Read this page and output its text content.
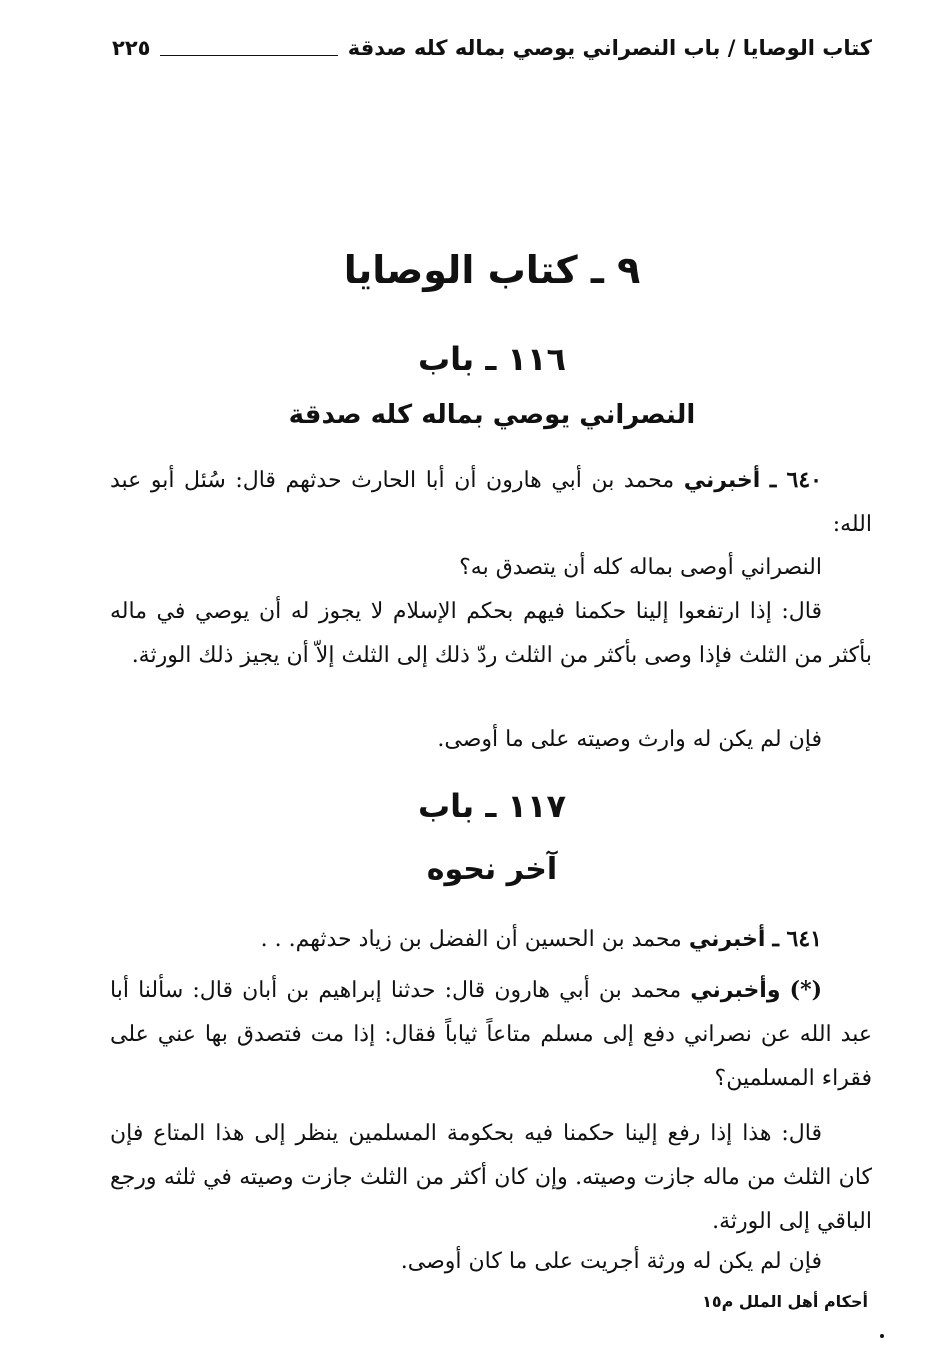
كتاب الوصايا / باب النصراني يوصي بماله كله صدقة
٢٢٥
٩ ـ كتاب الوصايا
١١٦ ـ باب
النصراني يوصي بماله كله صدقة
٦٤٠ ـ أخبرني محمد بن أبي هارون أن أبا الحارث حدثهم قال: سُئل أبو عبد الله:
النصراني أوصى بماله كله أن يتصدق به؟
قال: إذا ارتفعوا إلينا حكمنا فيهم بحكم الإسلام لا يجوز له أن يوصي في ماله بأكثر من الثلث فإذا وصى بأكثر من الثلث ردّ ذلك إلى الثلث إلاّ أن يجيز ذلك الورثة.
فإن لم يكن له وارث وصيته على ما أوصى.
١١٧ ـ باب
آخر نحوه
٦٤١ ـ أخبرني محمد بن الحسين أن الفضل بن زياد حدثهم. . .
(*) وأخبرني محمد بن أبي هارون قال: حدثنا إبراهيم بن أبان قال: سألنا أبا عبد الله عن نصراني دفع إلى مسلم متاعاً ثياباً فقال: إذا مت فتصدق بها عني على فقراء المسلمين؟
قال: هذا إذا رفع إلينا حكمنا فيه بحكومة المسلمين ينظر إلى هذا المتاع فإن كان الثلث من ماله جازت وصيته. وإن كان أكثر من الثلث جازت وصيته في ثلثه ورجع الباقي إلى الورثة.
فإن لم يكن له ورثة أجريت على ما كان أوصى.
أحكام أهل الملل م١٥
